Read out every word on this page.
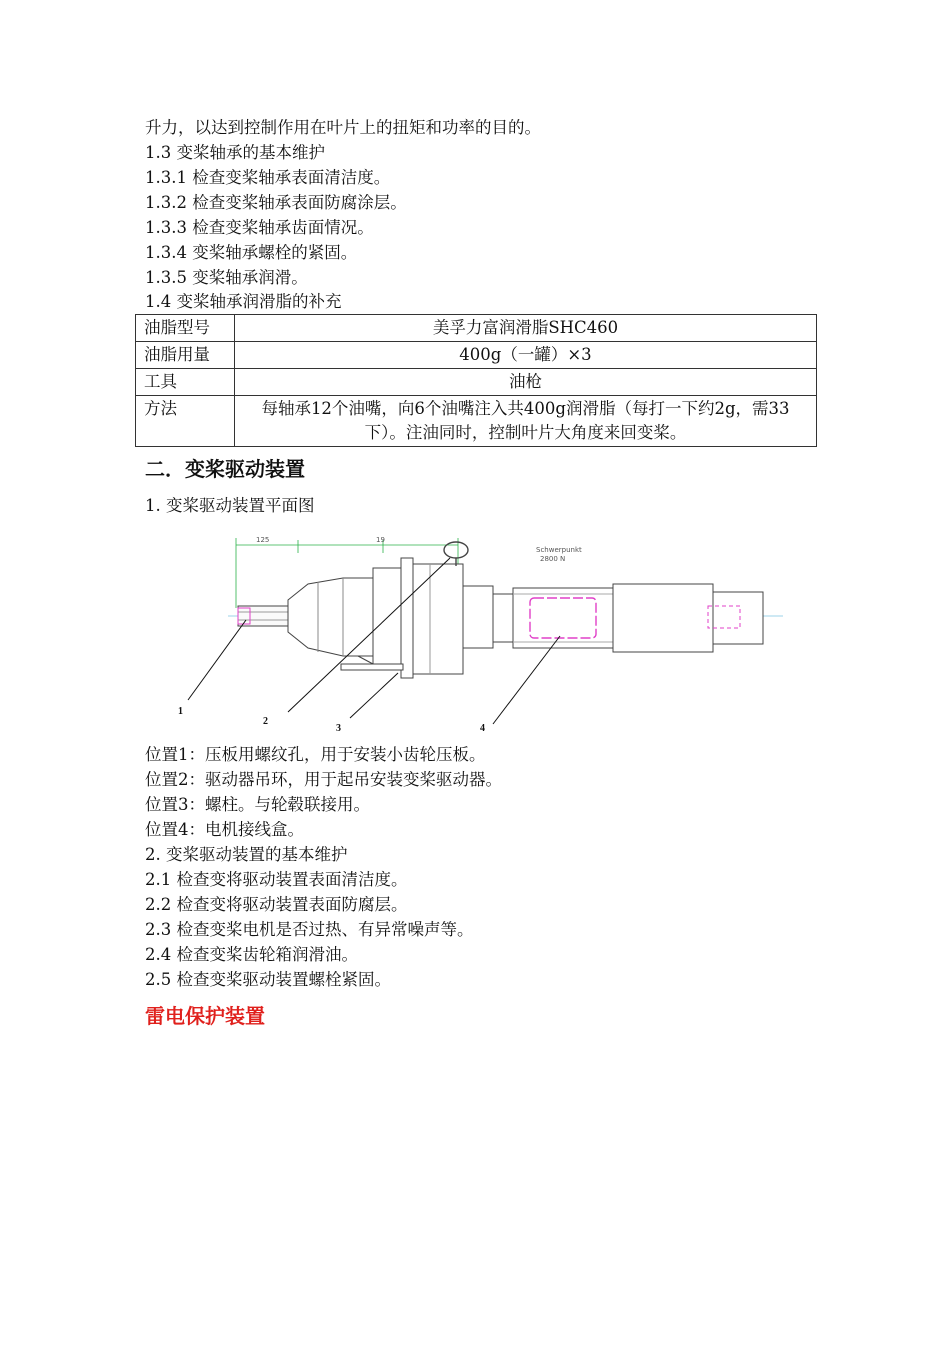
升力，以达到控制作用在叶片上的扭矩和功率的目的。
1.3 变桨轴承的基本维护
1.3.1 检查变桨轴承表面清洁度。
1.3.2 检查变桨轴承表面防腐涂层。
1.3.3 检查变桨轴承齿面情况。
1.3.4 变桨轴承螺栓的紧固。
1.3.5 变桨轴承润滑。
1.4 变桨轴承润滑脂的补充
油脂型号	美孚力富润滑脂SHC460
油脂用量	400g（一罐）×3
工具	油枪
方法	每轴承12个油嘴，向6个油嘴注入共400g润滑脂（每打一下约2g，需33下）。注油同时，控制叶片大角度来回变桨。
二．变桨驱动装置
1. 变桨驱动装置平面图
125	19
Schwerpunkt
2800 N
1
2
3	4
位置1：压板用螺纹孔，用于安装小齿轮压板。
位置2：驱动器吊环，用于起吊安装变桨驱动器。
位置3：螺柱。与轮毂联接用。
位置4：电机接线盒。
2. 变桨驱动装置的基本维护
2.1 检查变将驱动装置表面清洁度。
2.2 检查变将驱动装置表面防腐层。
2.3 检查变桨电机是否过热、有异常噪声等。
2.4 检查变桨齿轮箱润滑油。
2.5 检查变桨驱动装置螺栓紧固。
雷电保护装置
